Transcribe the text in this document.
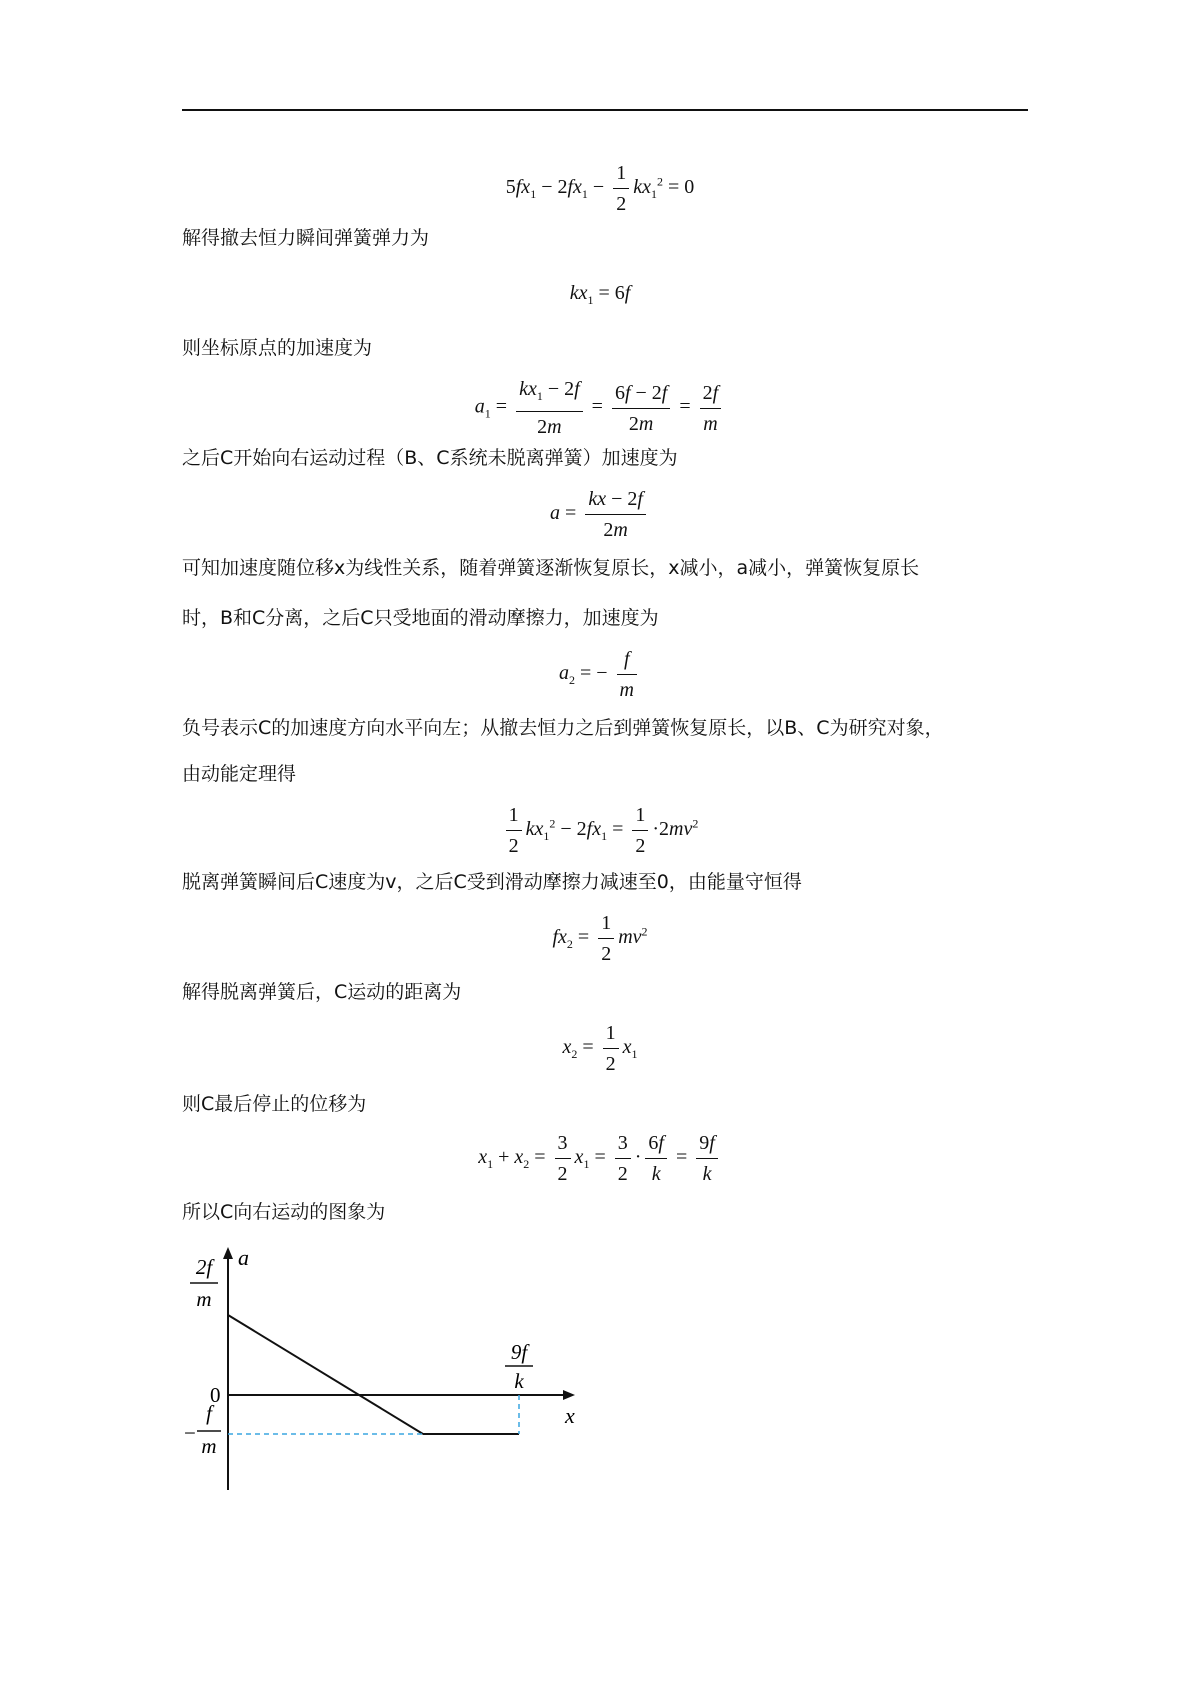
$5fx_1 - 2fx_1 - \frac{1}{2} kx_1^2 = 0$
解得撤去恒力瞬间弹簧弹力为
$kx_1 = 6f$
则坐标原点的加速度为
$a_1 = \frac{kx_1 - 2f}{2m} = \frac{6f - 2f}{2m} = \frac{2f}{m}$
之后C开始向右运动过程（B、C系统未脱离弹簧）加速度为
$a = \frac{kx - 2f}{2m}$
可知加速度随位移x为线性关系，随着弹簧逐渐恢复原长，x减小，a减小，弹簧恢复原长
时，B和C分离，之后C只受地面的滑动摩擦力，加速度为
$a_2$ = − $\frac{f}{m}$
负号表示C的加速度方向水平向左；从撤去恒力之后到弹簧恢复原长，以B、C为研究对象，
由动能定理得
$\frac{1}{2} kx_1^2 - 2fx_1 = \frac{1}{2} \cdot 2mv^2$
脱离弹簧瞬间后C速度为v，之后C受到滑动摩擦力减速至0，由能量守恒得
$fx_2 = \frac{1}{2} mv^2$
解得脱离弹簧后，C运动的距离为
$x_2 = \frac{1}{2} x_1$
则C最后停止的位移为
$x_1 + x_2 = \frac{3}{2} x_1 = \frac{3}{2} \cdot \frac{6f}{k} = \frac{9f}{k}$
所以C向右运动的图象为
a
x
0
2f
m
−
f
m
9f
k
